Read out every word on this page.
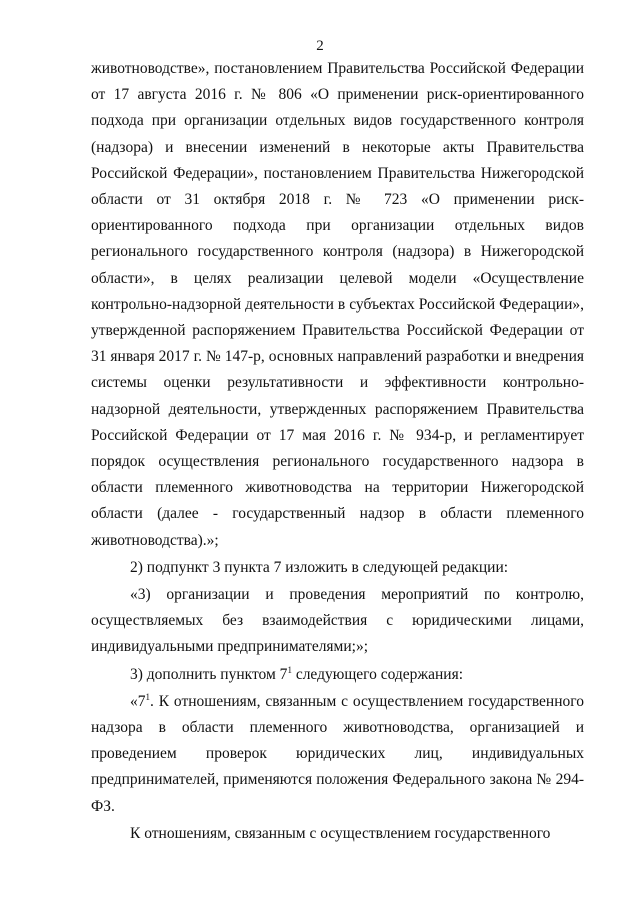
2

животноводстве», постановлением Правительства Российской Федерации от 17 августа 2016 г. № 806 «О применении риск-ориентированного подхода при организации отдельных видов государственного контроля (надзора) и внесении изменений в некоторые акты Правительства Российской Федерации», постановлением Правительства Нижегородской области от 31 октября 2018 г. № 723 «О применении риск-ориентированного подхода при организации отдельных видов регионального государственного контроля (надзора) в Нижегородской области», в целях реализации целевой модели «Осуществление контрольно-надзорной деятельности в субъектах Российской Федерации», утвержденной распоряжением Правительства Российской Федерации от 31 января 2017 г. № 147-р, основных направлений разработки и внедрения системы оценки результативности и эффективности контрольно-надзорной деятельности, утвержденных распоряжением Правительства Российской Федерации от 17 мая 2016 г. № 934-р, и регламентирует порядок осуществления регионального государственного надзора в области племенного животноводства на территории Нижегородской области (далее - государственный надзор в области племенного животноводства).»;

2) подпункт 3 пункта 7 изложить в следующей редакции:

«3) организации и проведения мероприятий по контролю, осуществляемых без взаимодействия с юридическими лицами, индивидуальными предпринимателями;»;

3) дополнить пунктом $7^1$ следующего содержания:

«$7^1$. К отношениям, связанным с осуществлением государственного надзора в области племенного животноводства, организацией и проведением проверок юридических лиц, индивидуальных предпринимателей, применяются положения Федерального закона № 294-ФЗ.

К отношениям, связанным с осуществлением государственного
